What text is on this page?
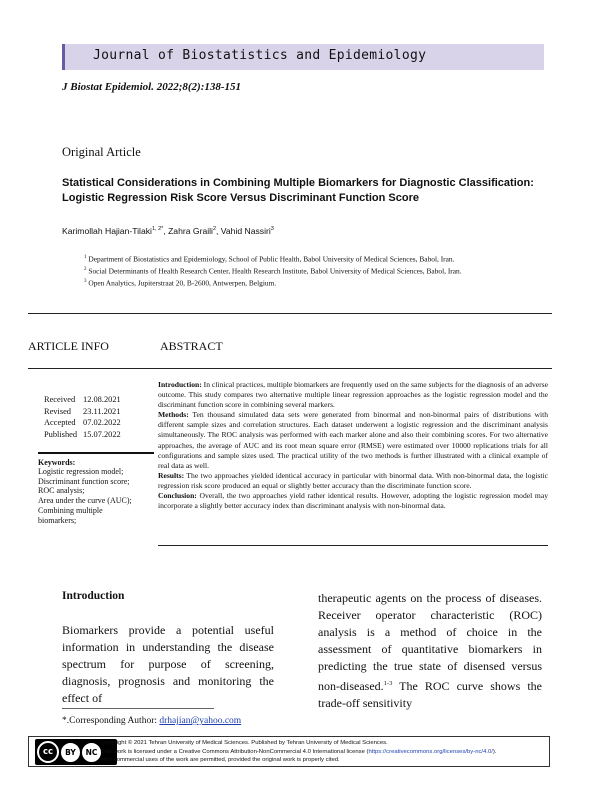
Journal of Biostatistics and Epidemiology
J Biostat Epidemiol. 2022;8(2):138-151
Original Article
Statistical Considerations in Combining Multiple Biomarkers for Diagnostic Classification:
Logistic Regression Risk Score Versus Discriminant Function Score
Karimollah Hajian-Tilaki$^{1, 2*}$, Zahra Graili$^2$, Vahid Nassiri$^3$
$^1$ Department of Biostatistics and Epidemiology, School of Public Health, Babol University of Medical Sciences, Babol, Iran.
$^2$ Social Determinants of Health Research Center, Health Research Institute, Babol University of Medical Sciences, Babol, Iran.
$^3$ Open Analytics, Jupiterstraat 20, B-2600, Antwerpen, Belgium.
ARTICLE INFO	ABSTRACT
Received 12.08.2021
Revised	23.11.2021
Accepted 07.02.2022
Published 15.07.2022
Keywords:
Logistic regression model;
Discriminant function score;
ROC analysis;
Area under the curve (AUC);
Combining multiple
biomarkers;
Introduction: In clinical practices, multiple biomarkers are frequently used on the same subjects for the diagnosis of an adverse outcome. This study compares two alternative multiple linear regression approaches as the logistic regression model and the discriminant function score in combining several markers.
Methods: Ten thousand simulated data sets were generated from binormal and non-binormal pairs of distributions with different sample sizes and correlation structures. Each dataset underwent a logistic regression and the discriminant analysis simultaneously. The ROC analysis was performed with each marker alone and also their combining scores. For two alternative approaches, the average of AUC and its root mean square error (RMSE) were estimated over 10000 replications trials for all configurations and sample sizes used. The practical utility of the two methods is further illustrated with a clinical example of real data as well.
Results: The two approaches yielded identical accuracy in particular with binormal data. With non-binormal data, the logistic regression risk score produced an equal or slightly better accuracy than the discriminate function score.
Conclusion: Overall, the two approaches yield rather identical results. However, adopting the logistic regression model may incorporate a slightly better accuracy index than discriminant analysis with non-binormal data.
Introduction
Biomarkers provide a potential useful information in understanding the disease spectrum for purpose of screening, diagnosis, prognosis and monitoring the effect of
therapeutic agents on the process of diseases. Receiver operator characteristic (ROC) analysis is a method of choice in the assessment of quantitative biomarkers in predicting the true state of disensed versus non-diseased.$^{1-3}$ The ROC curve shows the trade-off sensitivity
*.Corresponding Author: drhajian@yahoo.com
cc	BY	NC
Copyright © 2021 Tehran University of Medical Sciences. Published by Tehran University of Medical Sciences.
This work is licensed under a Creative Commons Attribution-NonCommercial 4.0 International license (https://creativecommons.org/licenses/by-nc/4.0/).
Non-commercial uses of the work are permitted, provided the original work is properly cited.
